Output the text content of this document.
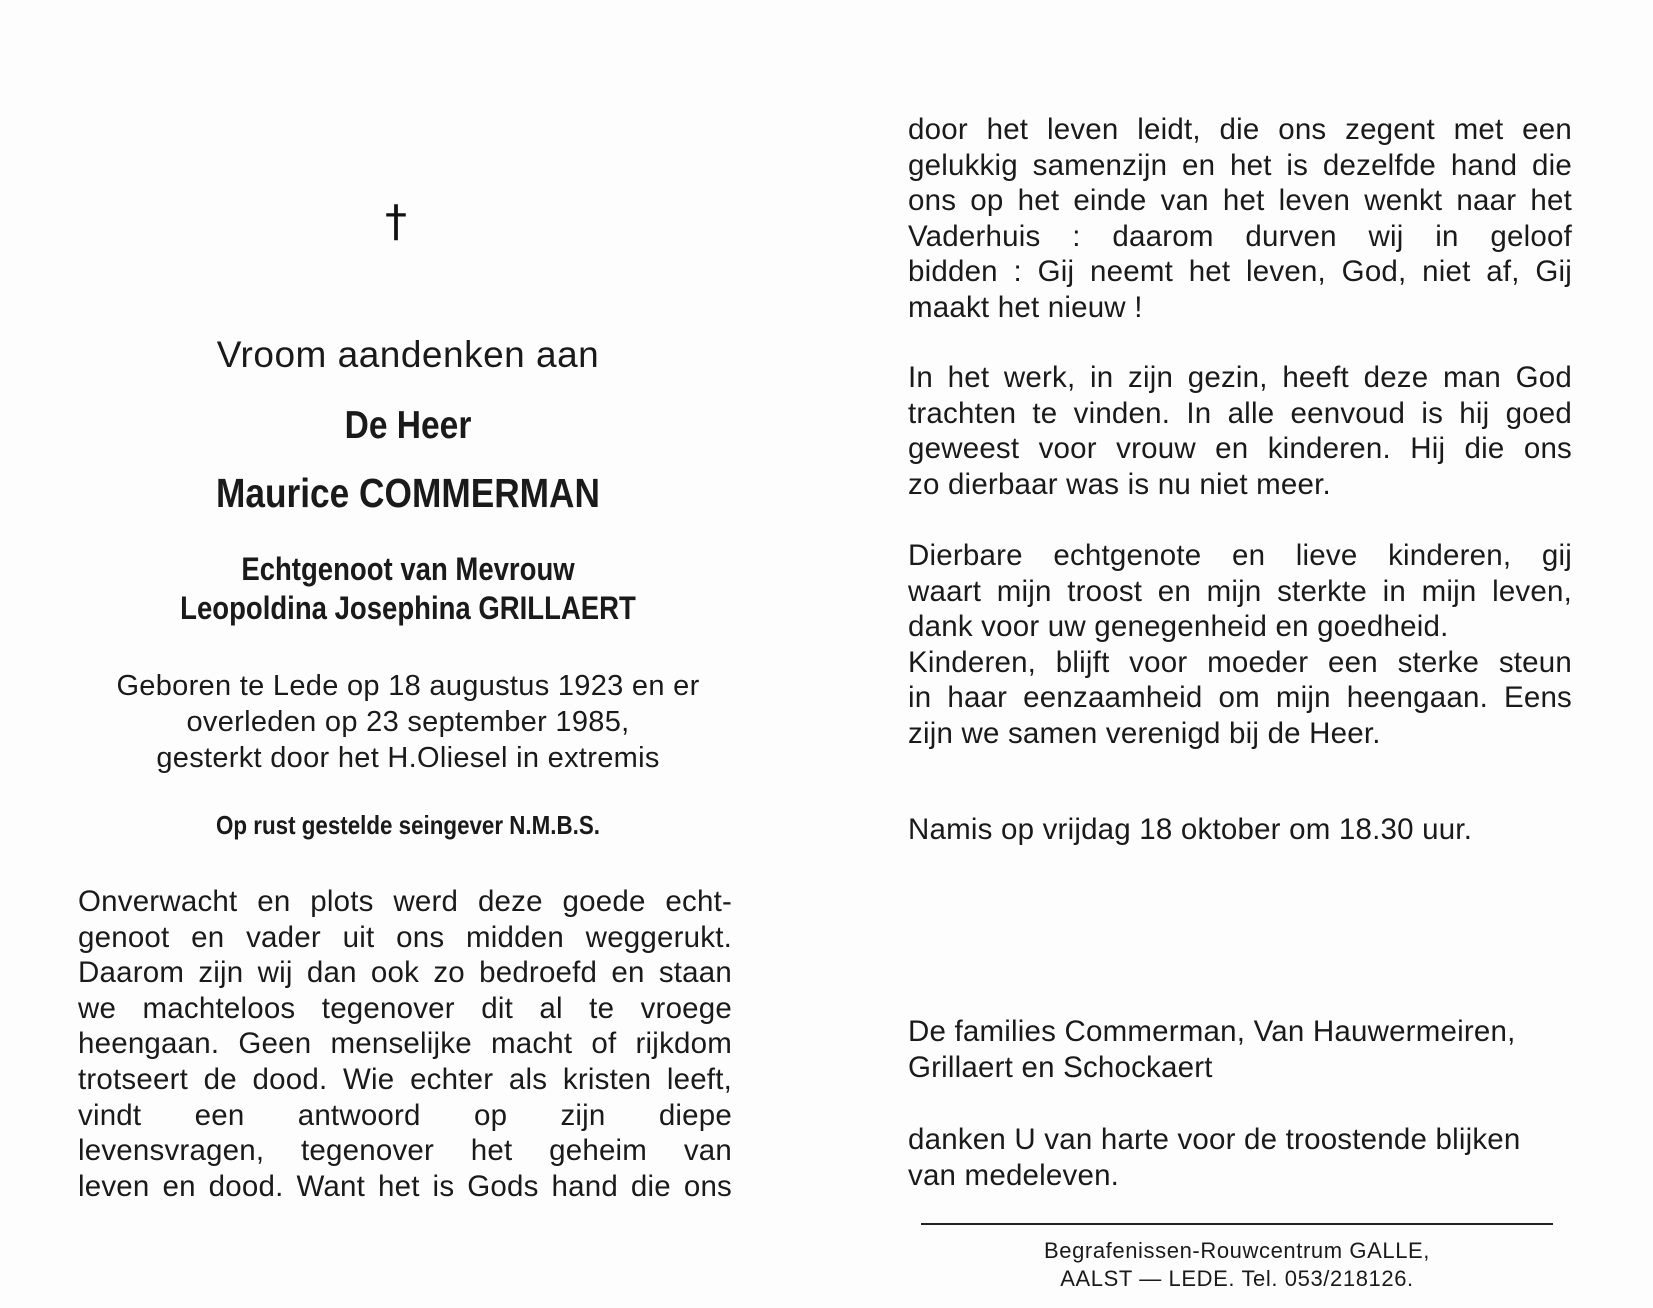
†
Vroom aandenken aan
De Heer
Maurice COMMERMAN
Echtgenoot van Mevrouw
Leopoldina Josephina GRILLAERT
Geboren te Lede op 18 augustus 1923 en er
overleden op 23 september 1985,
gesterkt door het H.Oliesel in extremis
Op rust gestelde seingever N.M.B.S.
Onverwacht en plots werd deze goede echt-
genoot en vader uit ons midden weggerukt.
Daarom zijn wij dan ook zo bedroefd en staan
we machteloos tegenover dit al te vroege
heengaan. Geen menselijke macht of rijkdom
trotseert de dood. Wie echter als kristen leeft,
vindt een antwoord op zijn diepe
levensvragen, tegenover het geheim van
leven en dood. Want het is Gods hand die ons
door het leven leidt, die ons zegent met een
gelukkig samenzijn en het is dezelfde hand die
ons op het einde van het leven wenkt naar het
Vaderhuis : daarom durven wij in geloof
bidden : Gij neemt het leven, God, niet af, Gij
maakt het nieuw !
In het werk, in zijn gezin, heeft deze man God
trachten te vinden. In alle eenvoud is hij goed
geweest voor vrouw en kinderen. Hij die ons
zo dierbaar was is nu niet meer.
Dierbare echtgenote en lieve kinderen, gij
waart mijn troost en mijn sterkte in mijn leven,
dank voor uw genegenheid en goedheid.
Kinderen, blijft voor moeder een sterke steun
in haar eenzaamheid om mijn heengaan. Eens
zijn we samen verenigd bij de Heer.
Namis op vrijdag 18 oktober om 18.30 uur.
De families Commerman, Van Hauwermeiren,
Grillaert en Schockaert
danken U van harte voor de troostende blijken
van medeleven.
Begrafenissen-Rouwcentrum GALLE,
AALST — LEDE. Tel. 053/218126.
